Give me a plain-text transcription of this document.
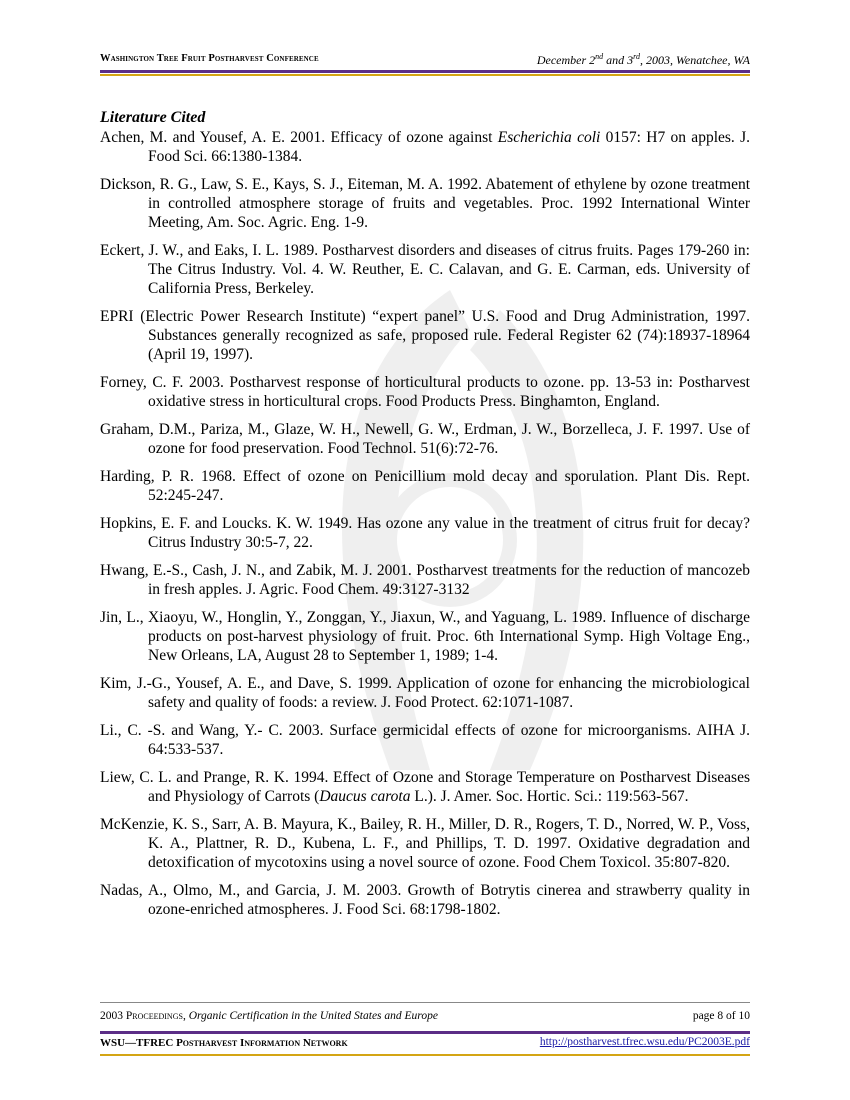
Washington Tree Fruit Postharvest Conference	December 2nd and 3rd, 2003, Wenatchee, WA
Literature Cited

Achen, M. and Yousef, A. E. 2001. Efficacy of ozone against Escherichia coli 0157: H7 on apples. J. Food Sci. 66:1380-1384.

Dickson, R. G., Law, S. E., Kays, S. J., Eiteman, M. A. 1992. Abatement of ethylene by ozone treatment in controlled atmosphere storage of fruits and vegetables. Proc. 1992 International Winter Meeting, Am. Soc. Agric. Eng. 1-9.

Eckert, J. W., and Eaks, I. L. 1989. Postharvest disorders and diseases of citrus fruits. Pages 179-260 in: The Citrus Industry. Vol. 4. W. Reuther, E. C. Calavan, and G. E. Carman, eds. University of California Press, Berkeley.

EPRI (Electric Power Research Institute) “expert panel” U.S. Food and Drug Administration, 1997. Substances generally recognized as safe, proposed rule. Federal Register 62 (74):18937-18964 (April 19, 1997).

Forney, C. F. 2003. Postharvest response of horticultural products to ozone. pp. 13-53 in: Postharvest oxidative stress in horticultural crops. Food Products Press. Binghamton, England.

Graham, D.M., Pariza, M., Glaze, W. H., Newell, G. W., Erdman, J. W., Borzelleca, J. F. 1997. Use of ozone for food preservation. Food Technol. 51(6):72-76.

Harding, P. R. 1968. Effect of ozone on Penicillium mold decay and sporulation. Plant Dis. Rept. 52:245-247.

Hopkins, E. F. and Loucks. K. W. 1949. Has ozone any value in the treatment of citrus fruit for decay? Citrus Industry 30:5-7, 22.

Hwang, E.-S., Cash, J. N., and Zabik, M. J. 2001. Postharvest treatments for the reduction of mancozeb in fresh apples. J. Agric. Food Chem. 49:3127-3132

Jin, L., Xiaoyu, W., Honglin, Y., Zonggan, Y., Jiaxun, W., and Yaguang, L. 1989. Influence of discharge products on post-harvest physiology of fruit. Proc. 6th International Symp. High Voltage Eng., New Orleans, LA, August 28 to September 1, 1989; 1-4.

Kim, J.-G., Yousef, A. E., and Dave, S. 1999. Application of ozone for enhancing the microbiological safety and quality of foods: a review. J. Food Protect. 62:1071-1087.

Li., C. -S. and Wang, Y.- C. 2003. Surface germicidal effects of ozone for microorganisms. AIHA J. 64:533-537.

Liew, C. L. and Prange, R. K. 1994. Effect of Ozone and Storage Temperature on Postharvest Diseases and Physiology of Carrots (Daucus carota L.). J. Amer. Soc. Hortic. Sci.: 119:563-567.

McKenzie, K. S., Sarr, A. B. Mayura, K., Bailey, R. H., Miller, D. R., Rogers, T. D., Norred, W. P., Voss, K. A., Plattner, R. D., Kubena, L. F., and Phillips, T. D. 1997. Oxidative degradation and detoxification of mycotoxins using a novel source of ozone. Food Chem Toxicol. 35:807-820.

Nadas, A., Olmo, M., and Garcia, J. M. 2003. Growth of Botrytis cinerea and strawberry quality in ozone-enriched atmospheres. J. Food Sci. 68:1798-1802.

2003 Proceedings, Organic Certification in the United States and Europe	page 8 of 10
WSU—TFREC Postharvest Information Network	http://postharvest.tfrec.wsu.edu/PC2003E.pdf
